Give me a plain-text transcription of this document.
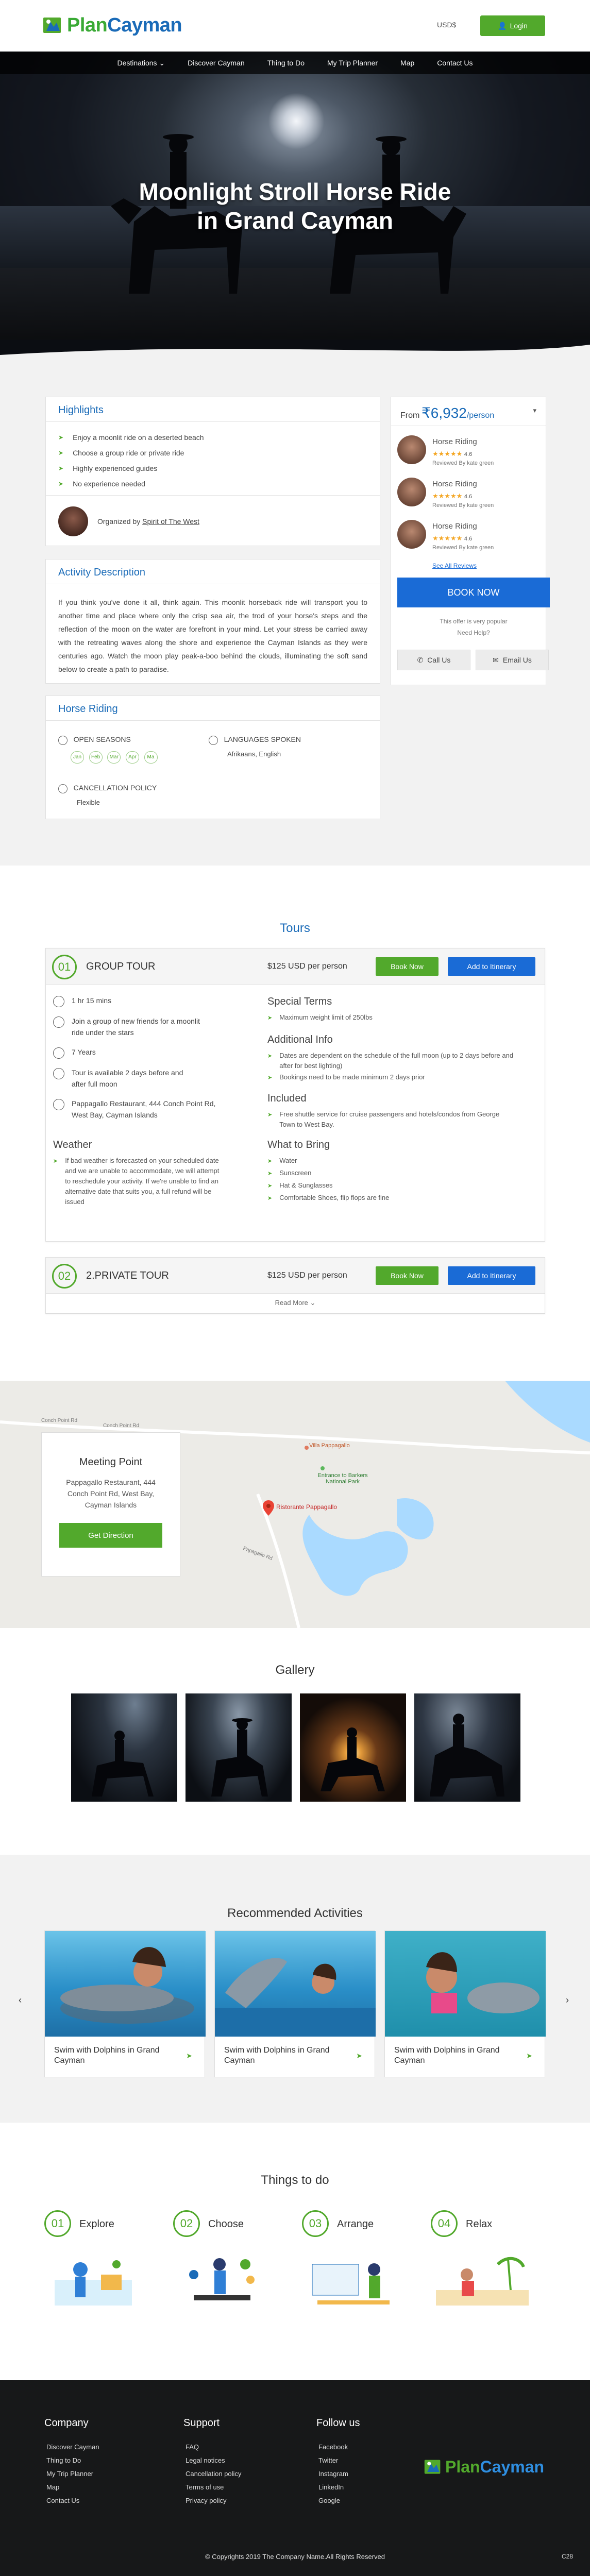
PlanCayman	USD$	👤 Login
Destinations ⌄	Discover Cayman	Thing to Do	My Trip Planner	Map	Contact Us
Moonlight Stroll Horse Ride
in Grand Cayman
Highlights
➤ Enjoy a moonlit ride on a deserted beach
➤ Choose a group ride or private ride
➤ Highly experienced guides
➤ No experience needed
Organized by Spirit of The West
Activity Description
If you think you've done it all, think again. This moonlit horseback ride will transport you to another time and place where only the crisp sea air, the trod of your horse's steps and the reflection of the moon on the water are forefront in your mind. Let your stress be carried away with the retreating waves along the shore and experience the Cayman Islands as they were centuries ago. Watch the moon play peak-a-boo behind the clouds, illuminating the soft sand below to create a path to paradise.
Horse Riding
OPEN SEASONS
Jan Feb Mar Apr Ma
LANGUAGES SPOKEN
Afrikaans, English
CANCELLATION POLICY
Flexible
From ₹6,932/person
▾
Horse Riding
★★★★★ 4.6
Reviewed By kate green
Horse Riding
★★★★★ 4.6
Reviewed By kate green
Horse Riding
★★★★★ 4.6
Reviewed By kate green
See All Reviews
BOOK NOW
This offer is very popular
Need Help?
✆ Call Us	✉ Email Us
Tours
01	GROUP TOUR	$125 USD per person	Book Now	Add to Itinerary
1 hr 15 mins
Join a group of new friends for a moonlit ride under the stars
7 Years
Tour is available 2 days before and after full moon
Pappagallo Restaurant, 444 Conch Point Rd, West Bay, Cayman Islands
Weather
➤ If bad weather is forecasted on your scheduled date and we are unable to accommodate, we will attempt to reschedule your activity. If we're unable to find an alternative date that suits you, a full refund will be issued
Special Terms
➤ Maximum weight limit of 250lbs
Additional Info
➤ Dates are dependent on the schedule of the full moon (up to 2 days before and after for best lighting)
➤ Bookings need to be made minimum 2 days prior
Included
➤ Free shuttle service for cruise passengers and hotels/condos from George Town to West Bay.
What to Bring
➤ Water
➤ Sunscreen
➤ Hat & Sunglasses
➤ Comfortable Shoes, flip flops are fine
02	2.PRIVATE TOUR	$125 USD per person	Book Now	Add to Itinerary
Read More ⌄
Villa Pappagallo
Entrance to Barkers National Park
Conch Point Rd
Conch Point Rd
Papagallo Rd
Ristorante Pappagallo
Meeting Point
Pappagallo Restaurant, 444 Conch Point Rd, West Bay, Cayman Islands
Get Direction
Gallery
Recommended Activities
‹	›
Swim with Dolphins in Grand Cayman
➤
Swim with Dolphins in Grand Cayman
➤
Swim with Dolphins in Grand Cayman
➤
Things to do
01	Explore	02	Choose	03	Arrange	04	Relax
Company
Discover Cayman
Thing to Do
My Trip Planner
Map
Contact Us
Support
FAQ
Legal notices
Cancellation policy
Terms of use
Privacy policy
Follow us
Facebook
Twitter
Instagram
LinkedIn
Google
PlanCayman
© Copyrights 2019 The Company Name.All Rights Reserved	C28
